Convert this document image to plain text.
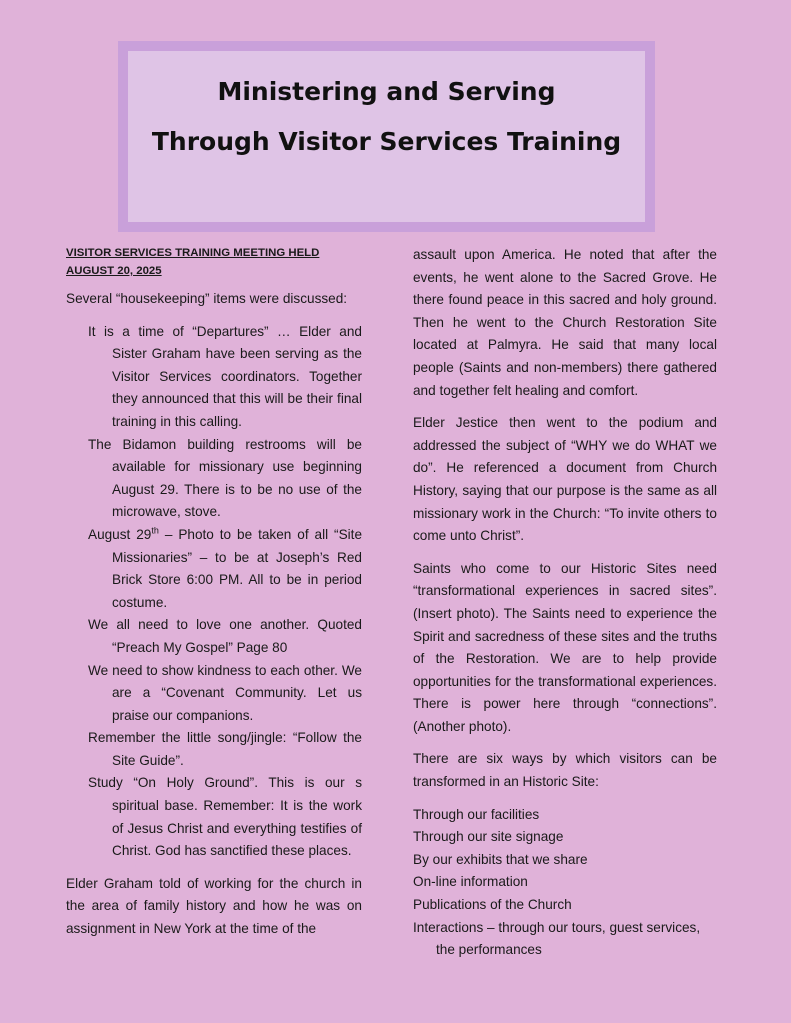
Ministering and Serving
Through Visitor Services Training
VISITOR SERVICES TRAINING MEETING HELD AUGUST 20, 2025

Several “housekeeping” items were discussed:

It is a time of “Departures” … Elder and Sister Graham have been serving as the Visitor Services coordinators. Together they announced that this will be their final training in this calling.
The Bidamon building restrooms will be available for missionary use beginning August 29. There is to be no use of the microwave, stove.
August 29th – Photo to be taken of all “Site Missionaries” – to be at Joseph’s Red Brick Store 6:00 PM. All to be in period costume.
We all need to love one another. Quoted “Preach My Gospel” Page 80
We need to show kindness to each other. We are a “Covenant Community. Let us praise our companions.
Remember the little song/jingle: “Follow the Site Guide”.
Study “On Holy Ground”. This is our s spiritual base. Remember: It is the work of Jesus Christ and everything testifies of Christ. God has sanctified these places.

Elder Graham told of working for the church in the area of family history and how he was on assignment in New York at the time of the

assault upon America. He noted that after the events, he went alone to the Sacred Grove. He there found peace in this sacred and holy ground. Then he went to the Church Restoration Site located at Palmyra. He said that many local people (Saints and non-members) there gathered and together felt healing and comfort.

Elder Jestice then went to the podium and addressed the subject of “WHY we do WHAT we do”. He referenced a document from Church History, saying that our purpose is the same as all missionary work in the Church: “To invite others to come unto Christ”.

Saints who come to our Historic Sites need “transformational experiences in sacred sites”. (Insert photo). The Saints need to experience the Spirit and sacredness of these sites and the truths of the Restoration. We are to help provide opportunities for the transformational experiences. There is power here through “connections”. (Another photo).

There are six ways by which visitors can be transformed in an Historic Site:

Through our facilities
Through our site signage
By our exhibits that we share
On-line information
Publications of the Church
Interactions – through our tours, guest services, the performances
